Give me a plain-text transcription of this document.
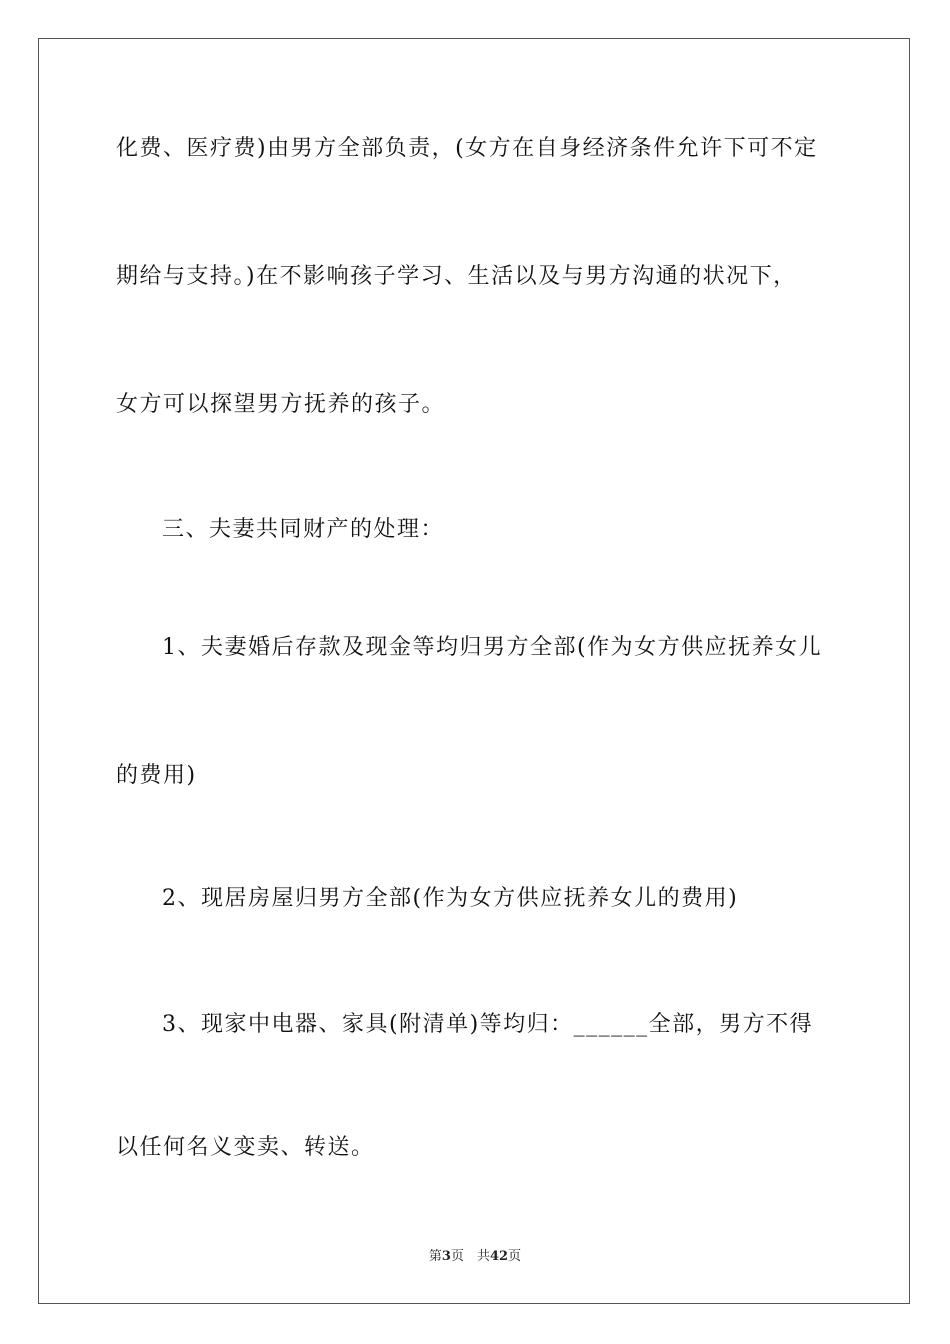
化费、医疗费)由男方全部负责，(女方在自身经济条件允许下可不定
期给与支持。)在不影响孩子学习、生活以及与男方沟通的状况下，
女方可以探望男方抚养的孩子。
三、夫妻共同财产的处理：
1、夫妻婚后存款及现金等均归男方全部(作为女方供应抚养女儿
的费用)
2、现居房屋归男方全部(作为女方供应抚养女儿的费用)
3、现家中电器、家具(附清单)等均归：______全部，男方不得
以任何名义变卖、转送。
第3页　共42页
